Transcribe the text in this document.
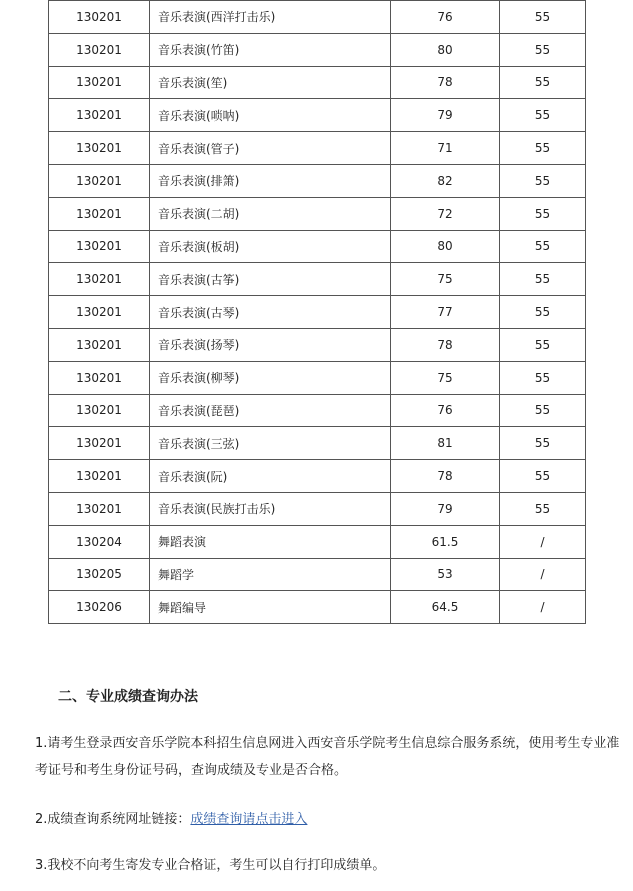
130201	音乐表演(西洋打击乐)	76	55
130201	音乐表演(竹笛)	80	55
130201	音乐表演(笙)	78	55
130201	音乐表演(唢呐)	79	55
130201	音乐表演(管子)	71	55
130201	音乐表演(排箫)	82	55
130201	音乐表演(二胡)	72	55
130201	音乐表演(板胡)	80	55
130201	音乐表演(古筝)	75	55
130201	音乐表演(古琴)	77	55
130201	音乐表演(扬琴)	78	55
130201	音乐表演(柳琴)	75	55
130201	音乐表演(琵琶)	76	55
130201	音乐表演(三弦)	81	55
130201	音乐表演(阮)	78	55
130201	音乐表演(民族打击乐)	79	55
130204	舞蹈表演	61.5	/
130205	舞蹈学	53	/
130206	舞蹈编导	64.5	/

二、专业成绩查询办法

1.请考生登录西安音乐学院本科招生信息网进入西安音乐学院考生信息综合服务系统，使用考生专业准考证号和考生身份证号码，查询成绩及专业是否合格。

2.成绩查询系统网址链接：成绩查询请点击进入

3.我校不向考生寄发专业合格证，考生可以自行打印成绩单。
